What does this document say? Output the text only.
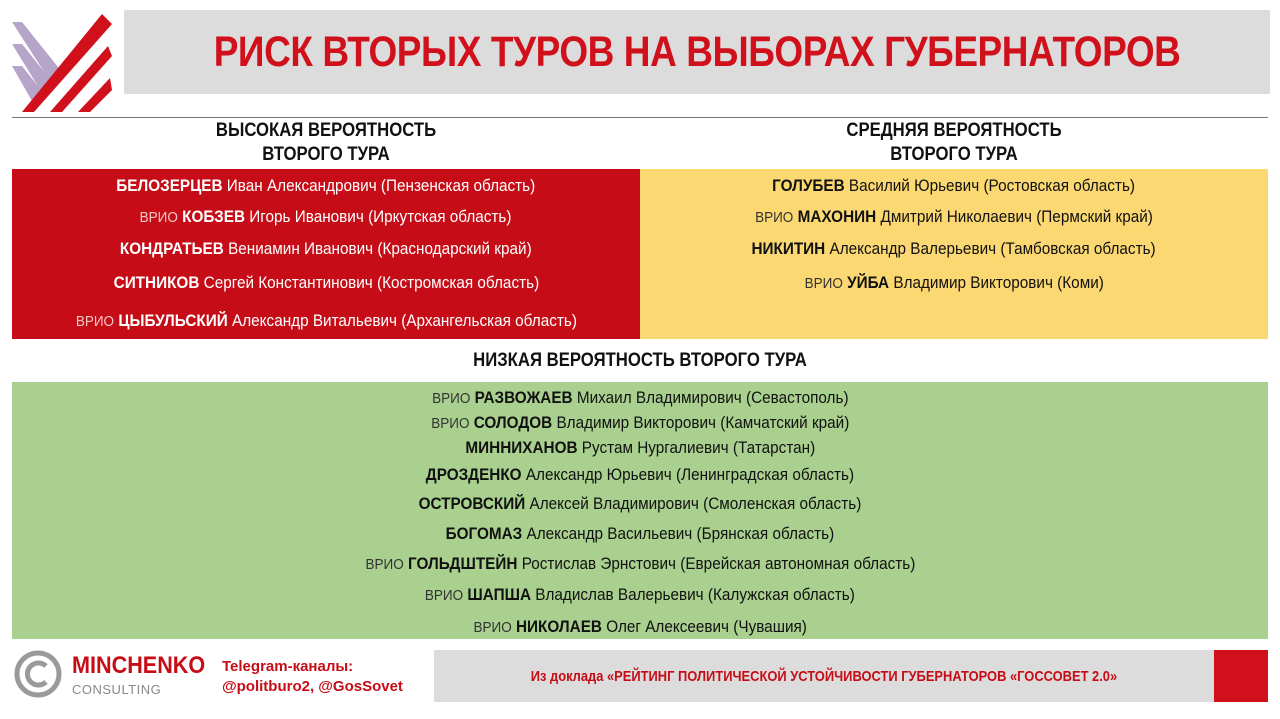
РИСК ВТОРЫХ ТУРОВ НА ВЫБОРАХ ГУБЕРНАТОРОВ
ВЫСОКАЯ ВЕРОЯТНОСТЬ
ВТОРОГО ТУРА
СРЕДНЯЯ ВЕРОЯТНОСТЬ
ВТОРОГО ТУРА
БЕЛОЗЕРЦЕВ Иван Александрович (Пензенская область)
ВРИО КОБЗЕВ Игорь Иванович (Иркутская область)
КОНДРАТЬЕВ Вениамин Иванович (Краснодарский край)
СИТНИКОВ Сергей Константинович (Костромская область)
ВРИО ЦЫБУЛЬСКИЙ Александр Витальевич (Архангельская область)
ГОЛУБЕВ Василий Юрьевич (Ростовская область)
ВРИО МАХОНИН Дмитрий Николаевич (Пермский край)
НИКИТИН Александр Валерьевич (Тамбовская область)
ВРИО УЙБА Владимир Викторович (Коми)
НИЗКАЯ ВЕРОЯТНОСТЬ ВТОРОГО ТУРА
ВРИО РАЗВОЖАЕВ Михаил Владимирович (Севастополь)
ВРИО СОЛОДОВ Владимир Викторович (Камчатский край)
МИННИХАНОВ Рустам Нургалиевич (Татарстан)
ДРОЗДЕНКО Александр Юрьевич (Ленинградская область)
ОСТРОВСКИЙ Алексей Владимирович (Смоленская область)
БОГОМАЗ Александр Васильевич (Брянская область)
ВРИО ГОЛЬДШТЕЙН Ростислав Эрнстович (Еврейская автономная область)
ВРИО ШАПША Владислав Валерьевич (Калужская область)
ВРИО НИКОЛАЕВ Олег Алексеевич (Чувашия)
MINCHENKO
CONSULTING
Telegram-каналы:
@politburo2, @GosSovet
Из доклада «РЕЙТИНГ ПОЛИТИЧЕСКОЙ УСТОЙЧИВОСТИ ГУБЕРНАТОРОВ «ГОССОВЕТ 2.0»
